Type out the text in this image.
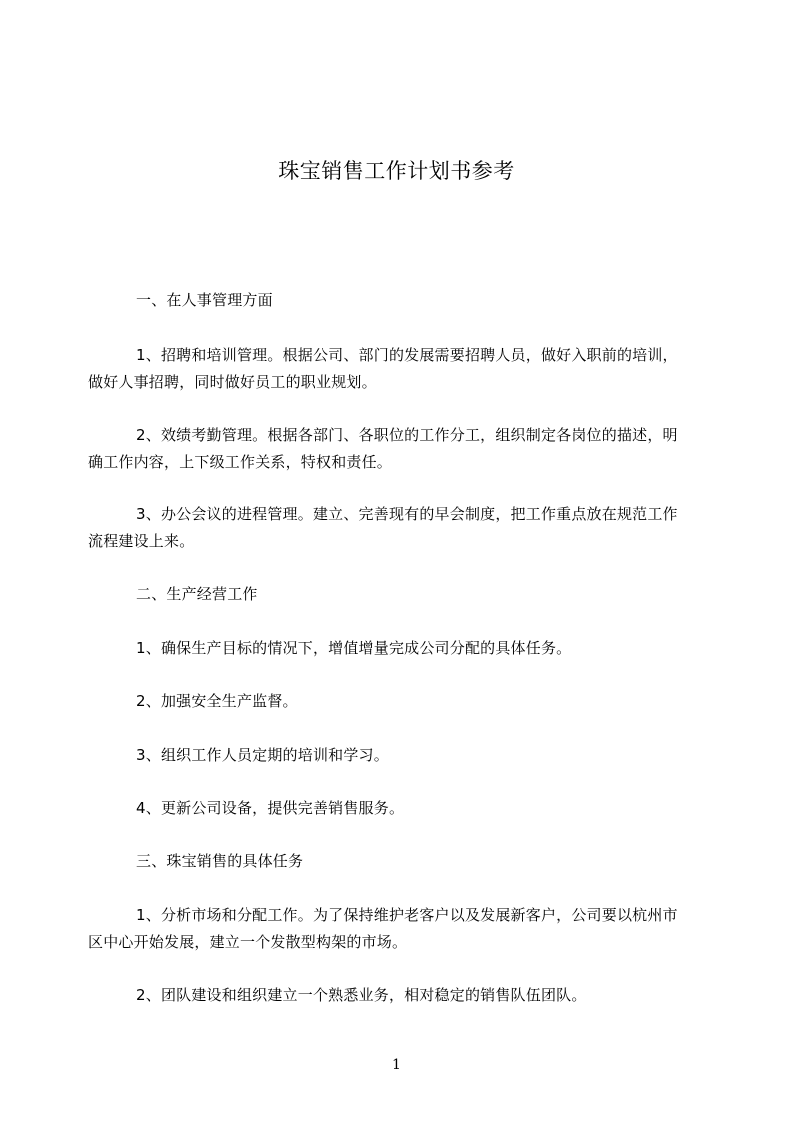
珠宝销售工作计划书参考
一、在人事管理方面
1、招聘和培训管理。根据公司、部门的发展需要招聘人员，做好入职前的培训，
做好人事招聘，同时做好员工的职业规划。
2、效绩考勤管理。根据各部门、各职位的工作分工，组织制定各岗位的描述，明
确工作内容，上下级工作关系，特权和责任。
3、办公会议的进程管理。建立、完善现有的早会制度，把工作重点放在规范工作
流程建设上来。
二、生产经营工作
1、确保生产目标的情况下，增值增量完成公司分配的具体任务。
2、加强安全生产监督。
3、组织工作人员定期的培训和学习。
4、更新公司设备，提供完善销售服务。
三、珠宝销售的具体任务
1、分析市场和分配工作。为了保持维护老客户以及发展新客户，公司要以杭州市
区中心开始发展，建立一个发散型构架的市场。
2、团队建设和组织建立一个熟悉业务，相对稳定的销售队伍团队。
1
